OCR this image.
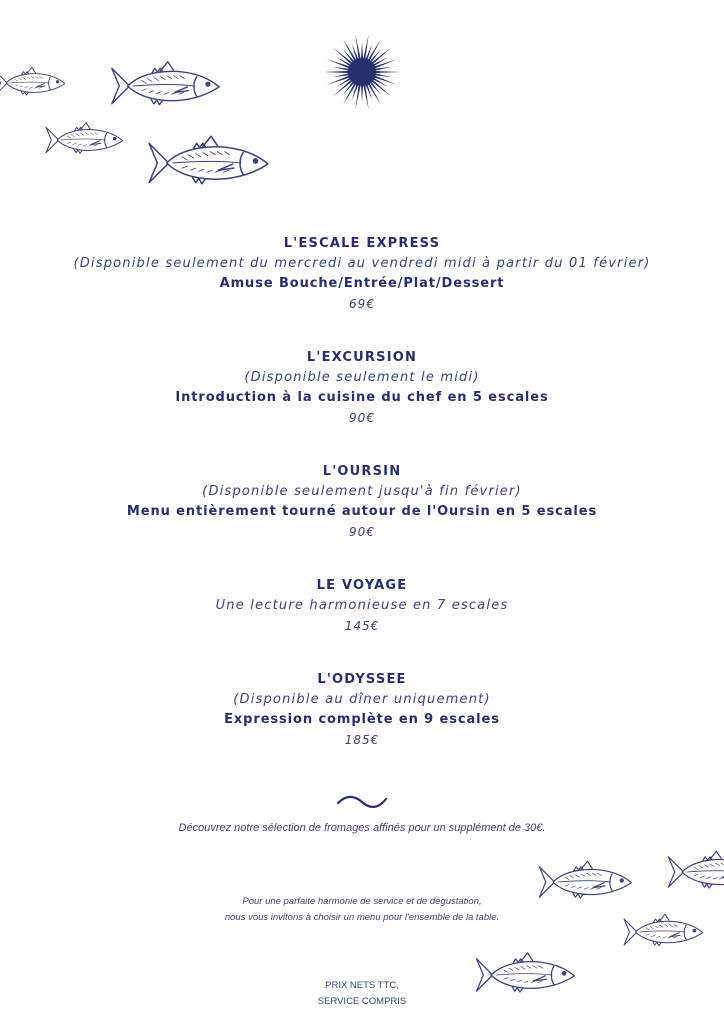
L'ESCALE EXPRESS
(Disponible seulement du mercredi au vendredi midi à partir du 01 février)
Amuse Bouche/Entrée/Plat/Dessert
69€
L'EXCURSION
(Disponible seulement le midi)
Introduction à la cuisine du chef en 5 escales
90€
L'OURSIN
(Disponible seulement jusqu'à fin février)
Menu entièrement tourné autour de l'Oursin en 5 escales
90€
LE VOYAGE
Une lecture harmonieuse en 7 escales
145€
L'ODYSSEE
(Disponible au dîner uniquement)
Expression complète en 9 escales
185€
Découvrez notre sélection de fromages affinés pour un supplément de 30€.
Pour une parfaite harmonie de service et de dégustation,
nous vous invitons à choisir un menu pour l'ensemble de la table.
PRIX NETS TTC,
SERVICE COMPRIS
